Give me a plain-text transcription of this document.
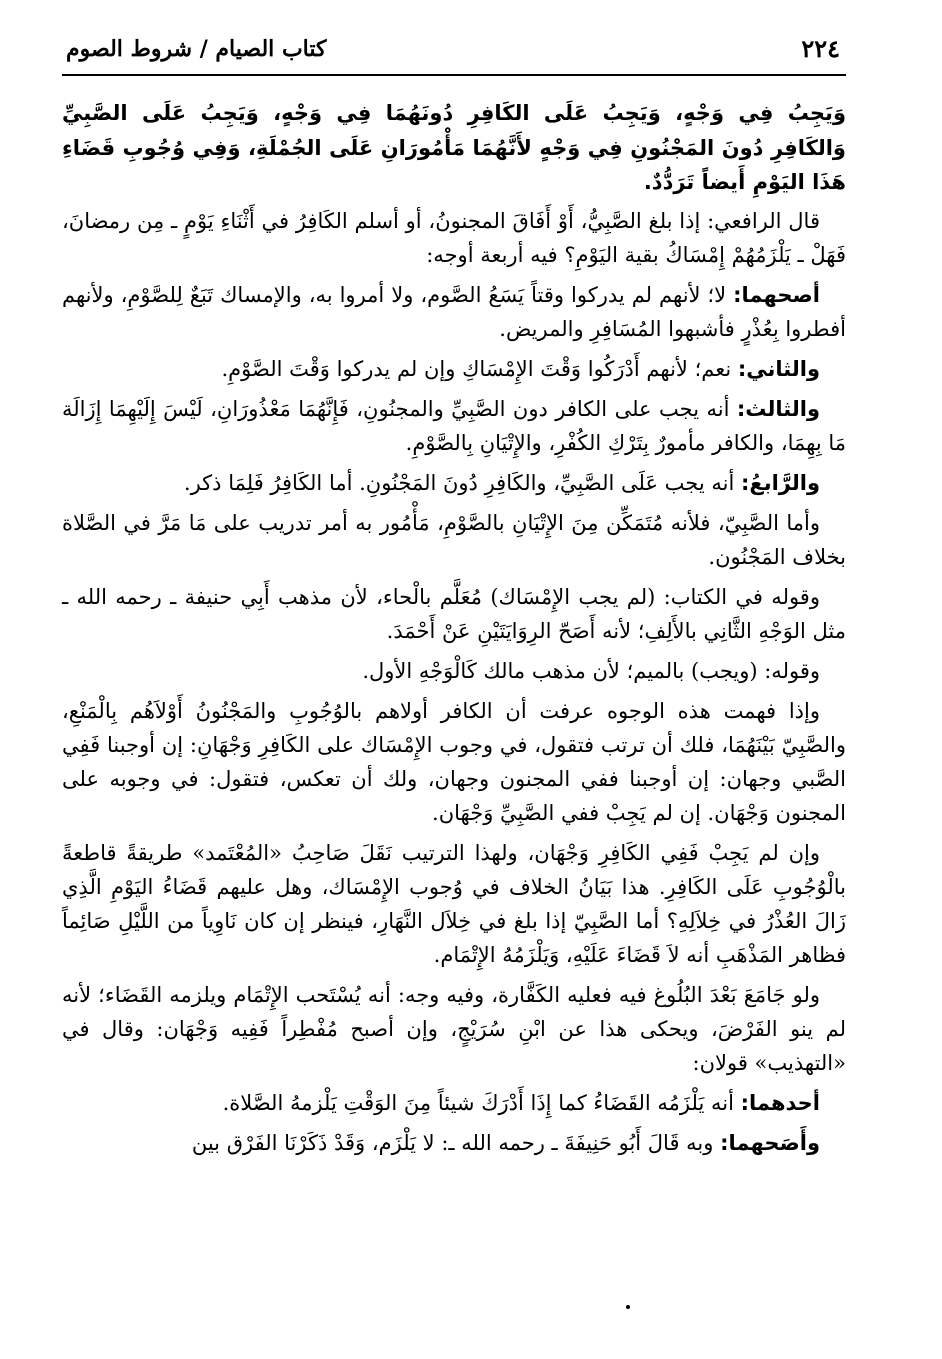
٢٢٤
كتاب الصيام / شروط الصوم

وَيَجِبُ فِي وَجْهٍ، وَيَجِبُ عَلَى الكَافِرِ دُونَهُمَا فِي وَجْهٍ، وَيَجِبُ عَلَى الصَّبِيِّ وَالكَافِرِ دُونَ المَجْنُونِ فِي وَجْهٍ لأَنَّهُمَا مَأْمُورَانِ عَلَى الجُمْلَةِ، وَفِي وُجُوبِ قَضَاءِ هَذَا اليَوْمِ أَيضاً تَرَدُّدٌ.

قال الرافعي: إذا بلغ الصَّبِيُّ، أَوْ أَفَاقَ المجنونُ، أو أسلم الكَافِرُ في أَثْنَاءِ يَوْمٍ ـ مِن رمضانَ، فَهَلْ ـ يَلْزَمُهُمْ إِمْسَاكُ بقية اليَوْمِ؟ فيه أربعة أوجه:

أصحهما: لا؛ لأنهم لم يدركوا وقتاً يَسَعُ الصَّوم، ولا أمروا به، والإمساك تَبَعٌ لِلصَّوْمِ، ولأنهم أفطروا بِعُذْرٍ فأشبهوا المُسَافِرِ والمريض.

والثاني: نعم؛ لأنهم أَدْرَكُوا وَقْتَ الإِمْسَاكِ وإن لم يدركوا وَقْتَ الصَّوْمِ.

والثالث: أنه يجب على الكافر دون الصَّبِيِّ والمجنُونِ، فَإِنَّهُمَا مَعْذُورَانِ، لَيْسَ إِلَيْهِمَا إِزَالَة مَا بِهِمَا، والكافر مأمورٌ بِتَرْكِ الكُفْرِ، والإِتْيَانِ بِالصَّوْمِ.

والرَّابعُ: أنه يجب عَلَى الصَّبِيِّ، والكَافِرِ دُونَ المَجْنُونِ. أما الكَافِرُ فَلِمَا ذكر.

وأما الصَّبِيّ، فلأنه مُتَمَكِّن مِنَ الإِتْيَانِ بالصَّوْمِ، مَأْمُور به أمر تدريب على مَا مَرَّ في الصَّلاة بخلاف المَجْنُون.

وقوله في الكتاب: (لم يجب الإِمْسَاك) مُعَلَّم بالْحاء، لأن مذهب أَبِي حنيفة ـ رحمه الله ـ مثل الوَجْهِ الثَّانِي بالأَلِفِ؛ لأنه أَصَحّ الرِوَايَتَيْنِ عَنْ أَحْمَدَ.

وقوله: (ويجب) بالميم؛ لأن مذهب مالك كَالْوَجْهِ الأول.

وإذا فهمت هذه الوجوه عرفت أن الكافر أولاهم بالوُجُوبِ والمَجْنُونُ أَوْلاَهُم بِالْمَنْعِ، والصَّبِيّ بَيْنَهُمَا، فلك أن ترتب فتقول، في وجوب الإِمْسَاك على الكَافِرِ وَجْهَانِ: إن أوجبنا فَفِي الصَّبي وجهان: إن أوجبنا ففي المجنون وجهان، ولك أن تعكس، فتقول: في وجوبه على المجنون وَجْهَان. إن لم يَجِبْ ففي الصَّبِيِّ وَجْهَان.

وإن لم يَجِبْ فَفِي الكَافِرِ وَجْهَان، ولهذا الترتيب نَقَلَ صَاحِبُ «المُعْتَمد» طريقةً قاطعةً بالْوُجُوبِ عَلَى الكَافِرِ. هذا بَيَانُ الخلاف في وُجوب الإِمْسَاك، وهل عليهم قَضَاءُ اليَوْمِ الَّذِي زَالَ العُذْرُ في خِلاَلِهِ؟ أما الصَّبِيّ إذا بلغ في خِلاَل النَّهَارِ، فينظر إن كان نَاوِياً من اللَّيْلِ صَائِماً فظاهر المَذْهَبِ أنه لاَ قَضَاءَ عَلَيْهِ، وَيَلْزَمُهُ الإِتْمَام.

ولو جَامَعَ بَعْدَ البُلُوغ فيه فعليه الكَفَّارة، وفيه وجه: أنه يُسْتَحب الإِتْمَام ويلزمه القَضَاء؛ لأنه لم ينو الفَرْضَ، ويحكى هذا عن ابْنِ سُرَيْجٍ، وإن أصبح مُفْطِراً فَفِيه وَجْهَان: وقال في «التهذيب» قولان:

أحدهما: أنه يَلْزَمُه القَضَاءُ كما إِذَا أَدْرَكَ شيئاً مِنَ الوَقْتِ يَلْزمهُ الصَّلاة.

وأَصَحهما: وبه قَالَ أَبُو حَنِيفَةَ ـ رحمه الله ـ: لا يَلْزَم، وَقَدْ ذَكَرْنَا الفَرْق بين
